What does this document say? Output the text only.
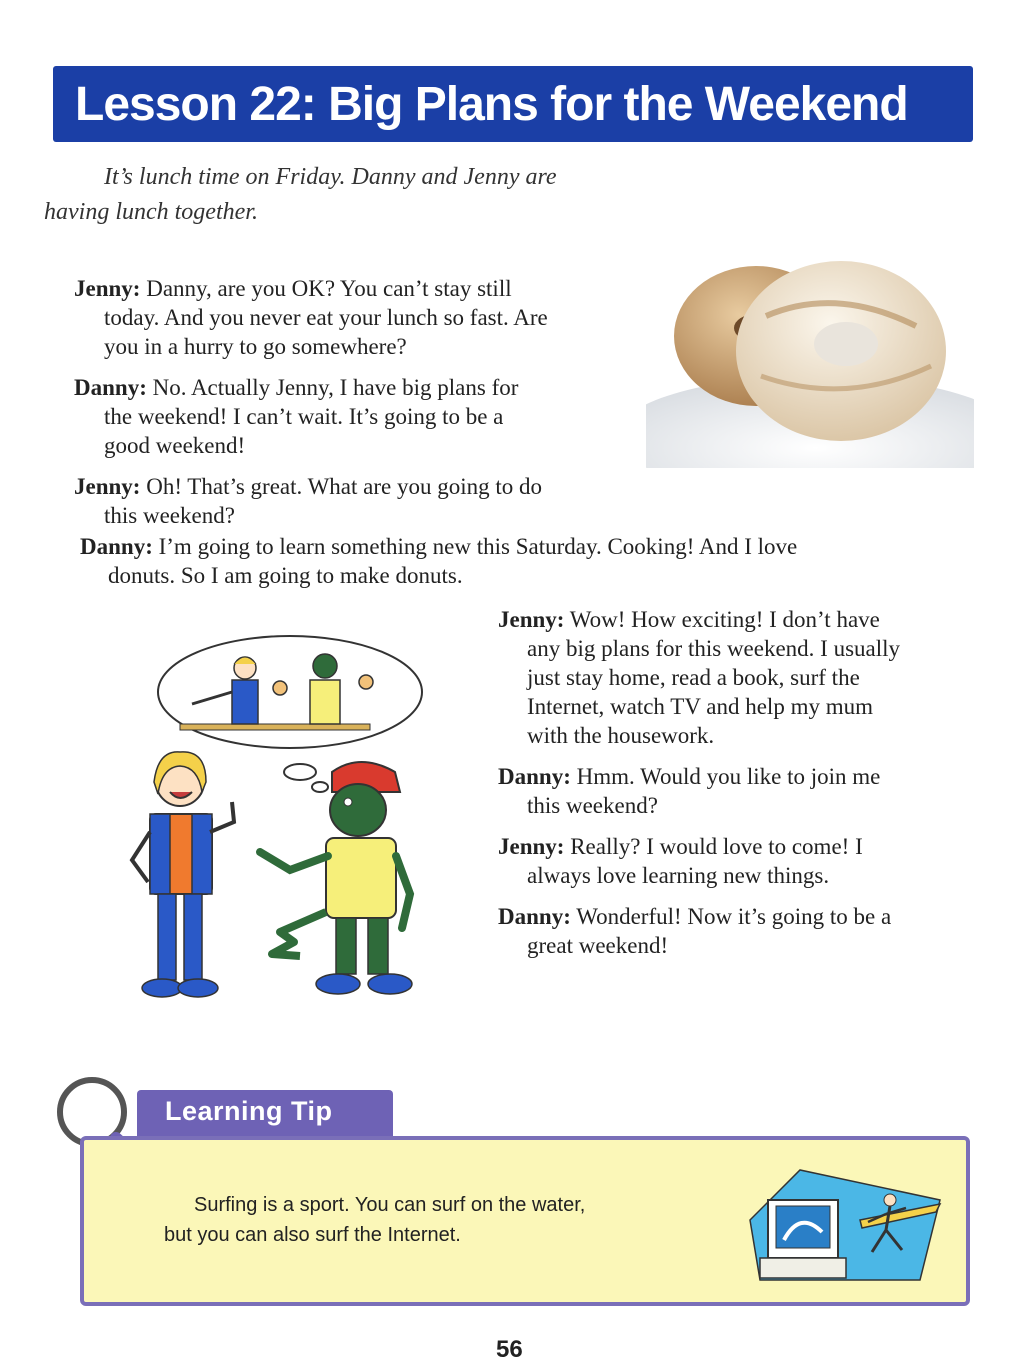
Lesson 22: Big Plans for the Weekend
It’s lunch time on Friday. Danny and Jenny are
having lunch together.
Jenny: Danny, are you OK? You can’t stay still
today. And you never eat your lunch so fast. Are
you in a hurry to go somewhere?
Danny: No. Actually Jenny, I have big plans for
the weekend! I can’t wait. It’s going to be a
good weekend!
Jenny: Oh! That’s great. What are you going to do
this weekend?
Danny: I’m going to learn something new this Saturday. Cooking! And I love
donuts. So I am going to make donuts.
Jenny: Wow! How exciting! I don’t have
any big plans for this weekend. I usually
just stay home, read a book, surf the
Internet, watch TV and help my mum
with the housework.
Danny: Hmm. Would you like to join me
this weekend?
Jenny: Really? I would love to come! I
always love learning new things.
Danny: Wonderful! Now it’s going to be a
great weekend!
Learning Tip
Surfing is a sport. You can surf on the water,
but you can also surf the Internet.
56
